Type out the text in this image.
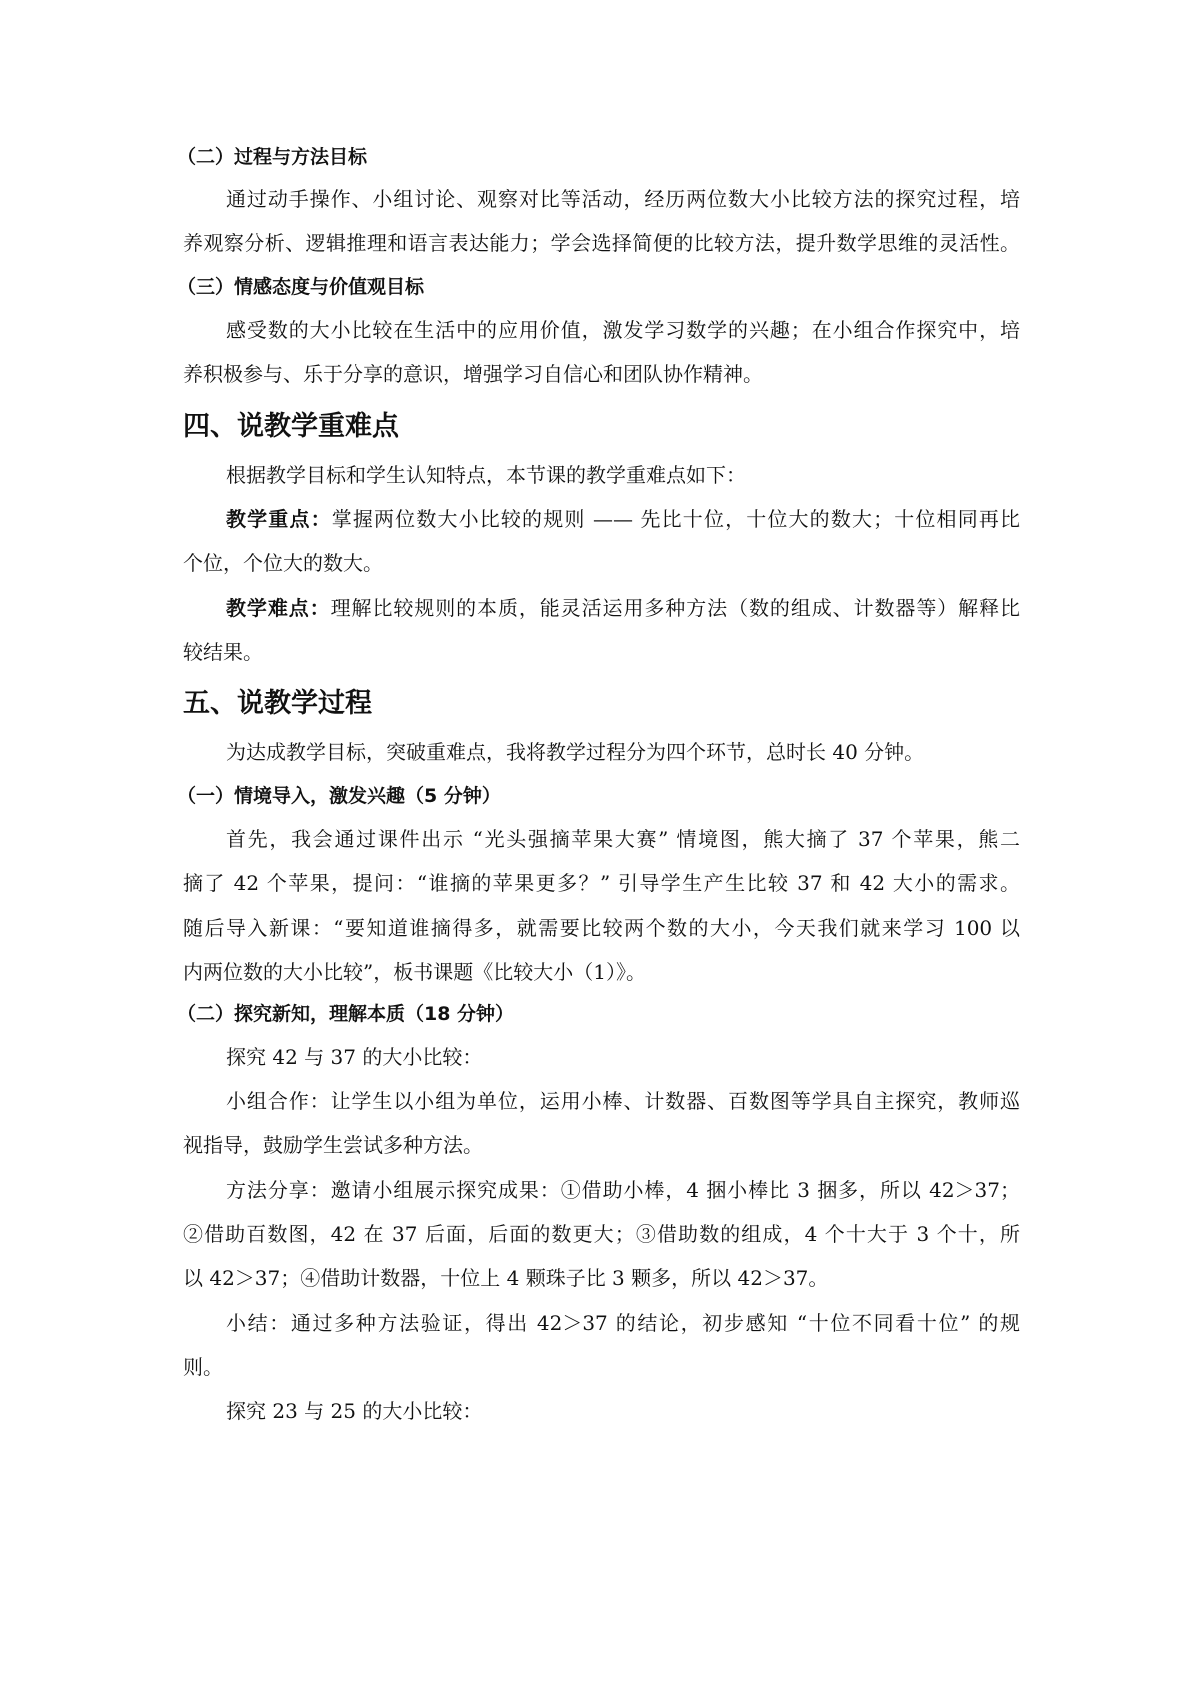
（二）过程与方法目标
通过动手操作、小组讨论、观察对比等活动，经历两位数大小比较方法的探究过程，培
养观察分析、逻辑推理和语言表达能力；学会选择简便的比较方法，提升数学思维的灵活性。
（三）情感态度与价值观目标
感受数的大小比较在生活中的应用价值，激发学习数学的兴趣；在小组合作探究中，培
养积极参与、乐于分享的意识，增强学习自信心和团队协作精神。
四、说教学重难点
根据教学目标和学生认知特点，本节课的教学重难点如下：
教学重点：掌握两位数大小比较的规则 —— 先比十位，十位大的数大；十位相同再比
个位，个位大的数大。
教学难点：理解比较规则的本质，能灵活运用多种方法（数的组成、计数器等）解释比
较结果。
五、说教学过程
为达成教学目标，突破重难点，我将教学过程分为四个环节，总时长 40 分钟。
（一）情境导入，激发兴趣（5 分钟）
首先，我会通过课件出示 “光头强摘苹果大赛” 情境图，熊大摘了 37 个苹果，熊二
摘了 42 个苹果，提问：“谁摘的苹果更多？” 引导学生产生比较 37 和 42 大小的需求。
随后导入新课：“要知道谁摘得多，就需要比较两个数的大小，今天我们就来学习 100 以
内两位数的大小比较”，板书课题《比较大小（1）》。
（二）探究新知，理解本质（18 分钟）
探究 42 与 37 的大小比较：
小组合作：让学生以小组为单位，运用小棒、计数器、百数图等学具自主探究，教师巡
视指导，鼓励学生尝试多种方法。
方法分享：邀请小组展示探究成果：①借助小棒，4 捆小棒比 3 捆多，所以 42＞37；
②借助百数图，42 在 37 后面，后面的数更大；③借助数的组成，4 个十大于 3 个十，所
以 42＞37；④借助计数器，十位上 4 颗珠子比 3 颗多，所以 42＞37。
小结：通过多种方法验证，得出 42＞37 的结论，初步感知 “十位不同看十位” 的规
则。
探究 23 与 25 的大小比较：
